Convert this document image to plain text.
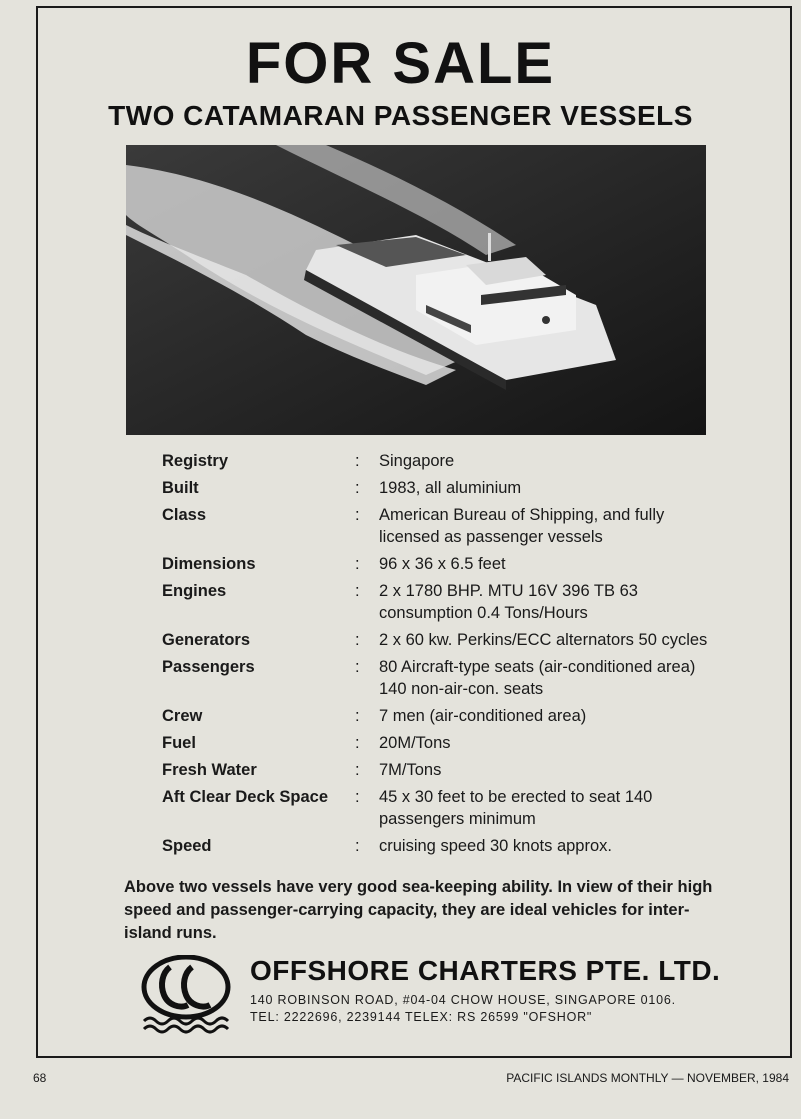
FOR SALE
TWO CATAMARAN PASSENGER VESSELS
Registry	:	Singapore
Built	:	1983, all aluminium
Class	:	American Bureau of Shipping, and fully
licensed as passenger vessels
Dimensions	:	96 x 36 x 6.5 feet
Engines	:	2 x 1780 BHP. MTU 16V 396 TB 63
consumption 0.4 Tons/Hours
Generators	:	2 x 60 kw. Perkins/ECC alternators 50 cycles
Passengers	:	80 Aircraft-type seats (air-conditioned area)
140 non-air-con. seats
Crew	:	7 men (air-conditioned area)
Fuel	:	20M/Tons
Fresh Water	:	7M/Tons
Aft Clear Deck Space	:	45 x 30 feet to be erected to seat 140
passengers minimum
Speed	:	cruising speed 30 knots approx.
Above two vessels have very good sea-keeping ability. In view of their high speed and passenger-carrying capacity, they are ideal vehicles for inter-island runs.
OFFSHORE CHARTERS PTE. LTD.
140 ROBINSON ROAD, #04-04 CHOW HOUSE, SINGAPORE 0106.
TEL: 2222696, 2239144 TELEX: RS 26599 "OFSHOR"
68	PACIFIC ISLANDS MONTHLY — NOVEMBER, 1984
